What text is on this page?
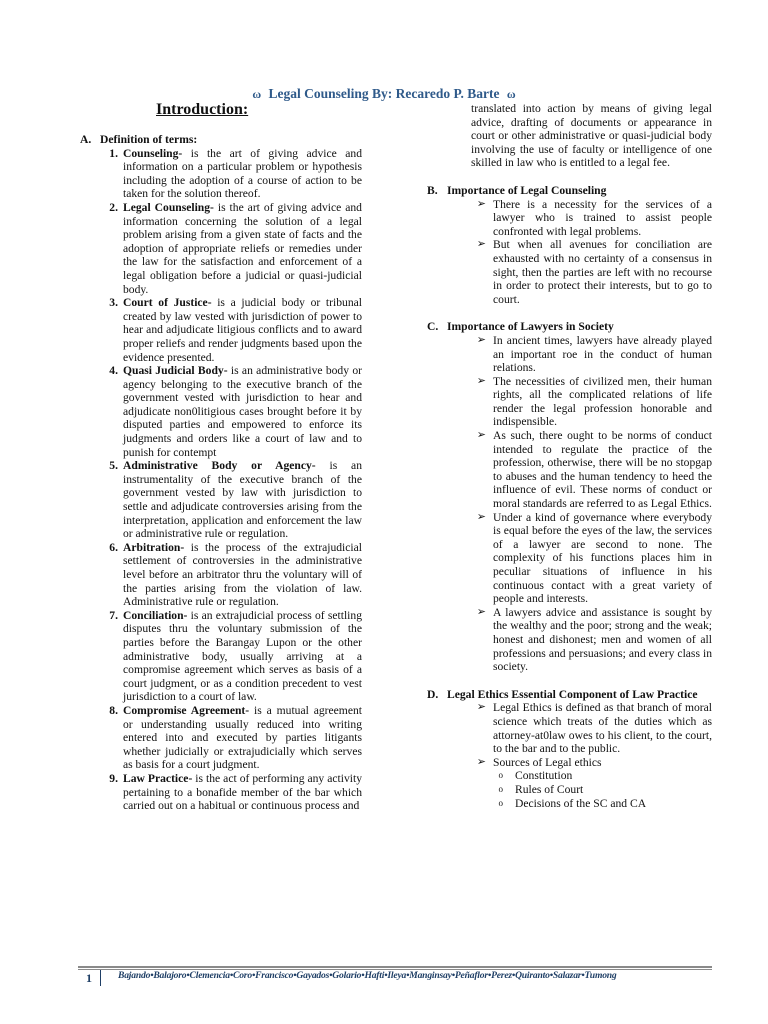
ω Legal Counseling By: Recaredo P. Barte ω
Introduction:
A. Definition of terms:
1. Counseling- is the art of giving advice and information on a particular problem or hypothesis including the adoption of a course of action to be taken for the solution thereof.
2. Legal Counseling- is the art of giving advice and information concerning the solution of a legal problem arising from a given state of facts and the adoption of appropriate reliefs or remedies under the law for the satisfaction and enforcement of a legal obligation before a judicial or quasi-judicial body.
3. Court of Justice- is a judicial body or tribunal created by law vested with jurisdiction of power to hear and adjudicate litigious conflicts and to award proper reliefs and render judgments based upon the evidence presented.
4. Quasi Judicial Body- is an administrative body or agency belonging to the executive branch of the government vested with jurisdiction to hear and adjudicate non0litigious cases brought before it by disputed parties and empowered to enforce its judgments and orders like a court of law and to punish for contempt
5. Administrative Body or Agency- is an instrumentality of the executive branch of the government vested by law with jurisdiction to settle and adjudicate controversies arising from the interpretation, application and enforcement the law or administrative rule or regulation.
6. Arbitration- is the process of the extrajudicial settlement of controversies in the administrative level before an arbitrator thru the voluntary will of the parties arising from the violation of law. Administrative rule or regulation.
7. Conciliation- is an extrajudicial process of settling disputes thru the voluntary submission of the parties before the Barangay Lupon or the other administrative body, usually arriving at a compromise agreement which serves as basis of a court judgment, or as a condition precedent to vest jurisdiction to a court of law.
8. Compromise Agreement- is a mutual agreement or understanding usually reduced into writing entered into and executed by parties litigants whether judicially or extrajudicially which serves as basis for a court judgment.
9. Law Practice- is the act of performing any activity pertaining to a bonafide member of the bar which carried out on a habitual or continuous process and
translated into action by means of giving legal advice, drafting of documents or appearance in court or other administrative or quasi-judicial body involving the use of faculty or intelligence of one skilled in law who is entitled to a legal fee.
B. Importance of Legal Counseling
➢ There is a necessity for the services of a lawyer who is trained to assist people confronted with legal problems.
➢ But when all avenues for conciliation are exhausted with no certainty of a consensus in sight, then the parties are left with no recourse in order to protect their interests, but to go to court.
C. Importance of Lawyers in Society
➢ In ancient times, lawyers have already played an important roe in the conduct of human relations.
➢ The necessities of civilized men, their human rights, all the complicated relations of life render the legal profession honorable and indispensible.
➢ As such, there ought to be norms of conduct intended to regulate the practice of the profession, otherwise, there will be no stopgap to abuses and the human tendency to heed the influence of evil. These norms of conduct or moral standards are referred to as Legal Ethics.
➢ Under a kind of governance where everybody is equal before the eyes of the law, the services of a lawyer are second to none. The complexity of his functions places him in peculiar situations of influence in his continuous contact with a great variety of people and interests.
➢ A lawyers advice and assistance is sought by the wealthy and the poor; strong and the weak; honest and dishonest; men and women of all professions and persuasions; and every class in society.
D. Legal Ethics Essential Component of Law Practice
➢ Legal Ethics is defined as that branch of moral science which treats of the duties which as attorney-at0law owes to his client, to the court, to the bar and to the public.
➢ Sources of Legal ethics
o	Constitution
o	Rules of Court
o	Decisions of the SC and CA
1	Bajando•Balajoro•Clemencia•Coro•Francisco•Gayados•Golario•Hafti•Ileya•Manginsay•Peñaflor•Perez•Quiranto•Salazar•Tumong
